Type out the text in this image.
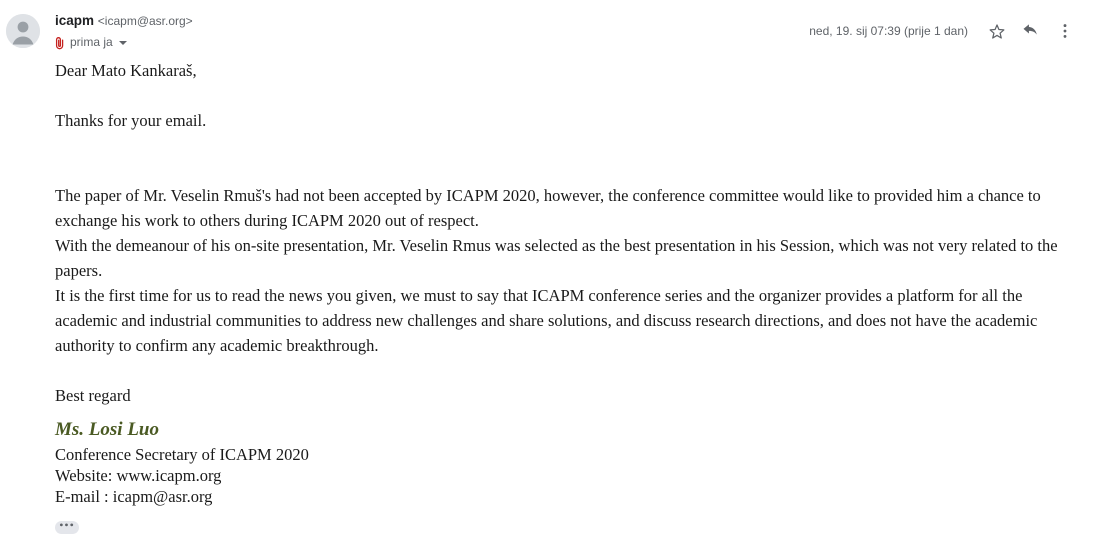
icapm <icapm@asr.org>
prima ja
ned, 19. sij 07:39 (prije 1 dan)

Dear Mato Kankaraš,

Thanks for your email.

The paper of Mr. Veselin Rmuš's had not been accepted by ICAPM 2020, however, the conference committee would like to provided him a chance to exchange his work to others during ICAPM 2020 out of respect.

With the demeanour of his on-site presentation, Mr. Veselin Rmus was selected as the best presentation in his Session, which was not very related to the papers.

It is the first time for us to read the news you given, we must to say that ICAPM conference series and the organizer provides a platform for all the academic and industrial communities to address new challenges and share solutions, and discuss research directions, and does not have the academic authority to confirm any academic breakthrough.

Best regard

Ms. Losi Luo

Conference Secretary of ICAPM 2020

Website: www.icapm.org

E-mail : icapm@asr.org

•••
